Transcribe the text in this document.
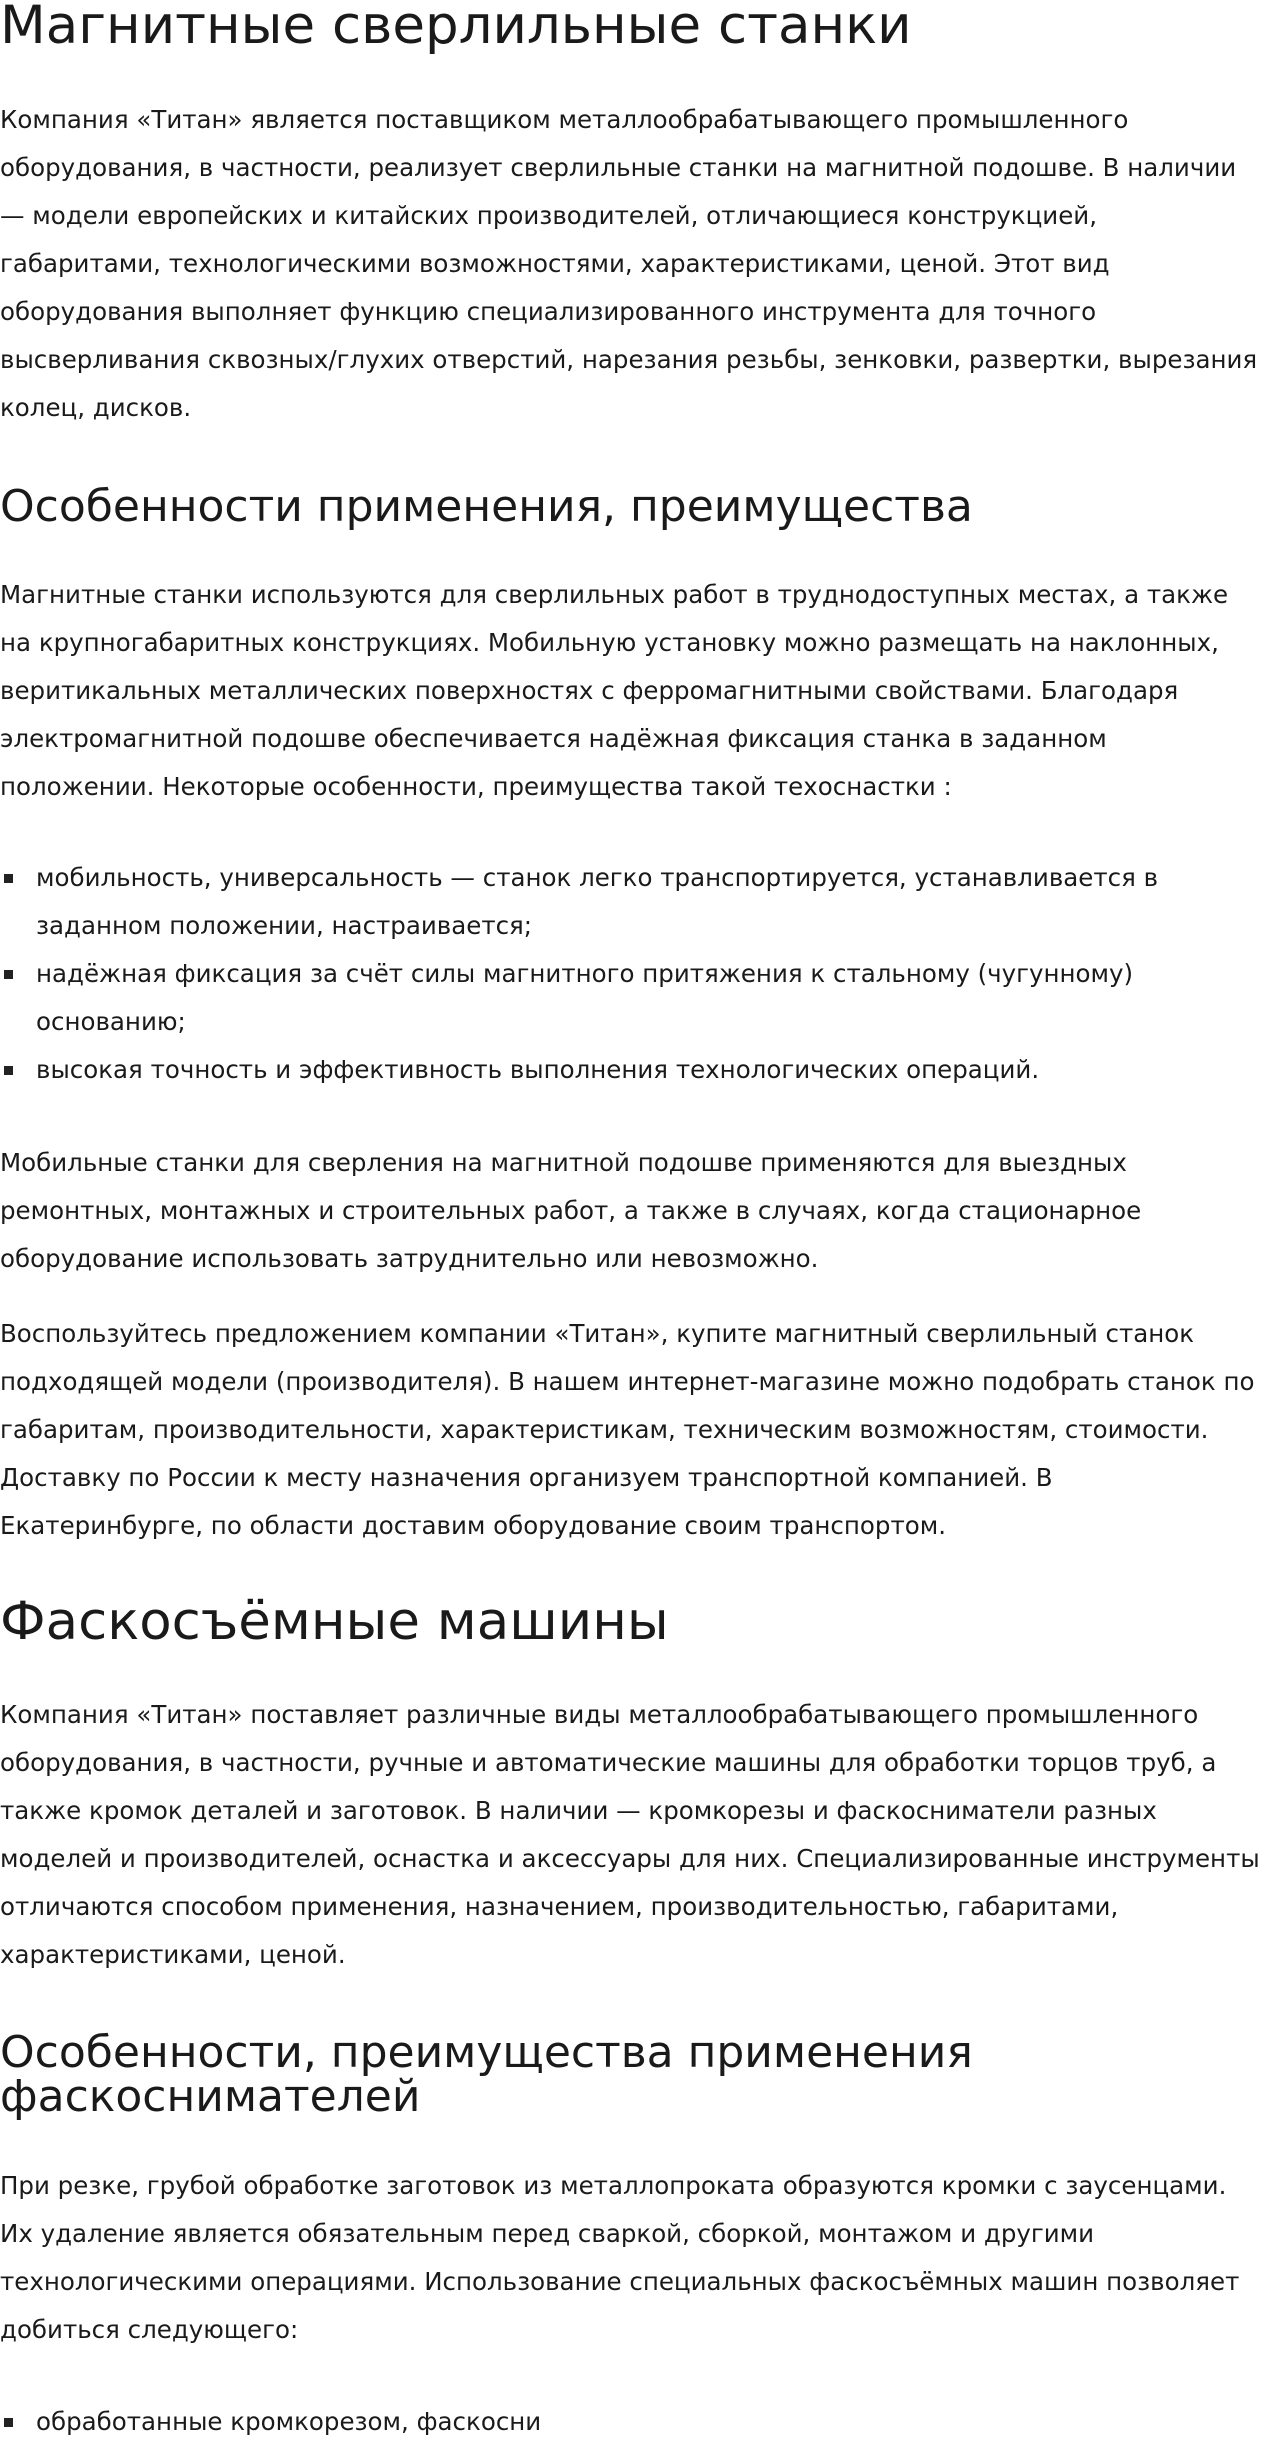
Магнитные сверлильные станки

Компания «Титан» является поставщиком металлообрабатывающего промышленного оборудования, в частности, реализует сверлильные станки на магнитной подошве. В наличии — модели европейских и китайских производителей, отличающиеся конструкцией, габаритами, технологическими возможностями, характеристиками, ценой. Этот вид оборудования выполняет функцию специализированного инструмента для точного высверливания сквозных/глухих отверстий, нарезания резьбы, зенковки, развертки, вырезания колец, дисков.

Особенности применения, преимущества

Магнитные станки используются для сверлильных работ в труднодоступных местах, а также на крупногабаритных конструкциях. Мобильную установку можно размещать на наклонных, веритикальных металлических поверхностях с ферромагнитными свойствами. Благодаря электромагнитной подошве обеспечивается надёжная фиксация станка в заданном положении. Некоторые особенности, преимущества такой техоснастки :

мобильность, универсальность — станок легко транспортируется, устанавливается в заданном положении, настраивается;
надёжная фиксация за счёт силы магнитного притяжения к стальному (чугунному) основанию;
высокая точность и эффективность выполнения технологических операций.

Мобильные станки для сверления на магнитной подошве применяются для выездных ремонтных, монтажных и строительных работ, а также в случаях, когда стационарное оборудование использовать затруднительно или невозможно.

Воспользуйтесь предложением компании «Титан», купите магнитный сверлильный станок подходящей модели (производителя). В нашем интернет-магазине можно подобрать станок по габаритам, производительности, характеристикам, техническим возможностям, стоимости. Доставку по России к месту назначения организуем транспортной компанией. В Екатеринбурге, по области доставим оборудование своим транспортом.

Фаскосъёмные машины

Компания «Титан» поставляет различные виды металлообрабатывающего промышленного оборудования, в частности, ручные и автоматические машины для обработки торцов труб, а также кромок деталей и заготовок. В наличии — кромкорезы и фаскосниматели разных моделей и производителей, оснастка и аксессуары для них. Специализированные инструменты отличаются способом применения, назначением, производительностью, габаритами, характеристиками, ценой.

Особенности, преимущества применения фаскоснимателей

При резке, грубой обработке заготовок из металлопроката образуются кромки с заусенцами. Их удаление является обязательным перед сваркой, сборкой, монтажом и другими технологическими операциями. Использование специальных фаскосъёмных машин позволяет добиться следующего:

обработанные кромкорезом, фаскосни
